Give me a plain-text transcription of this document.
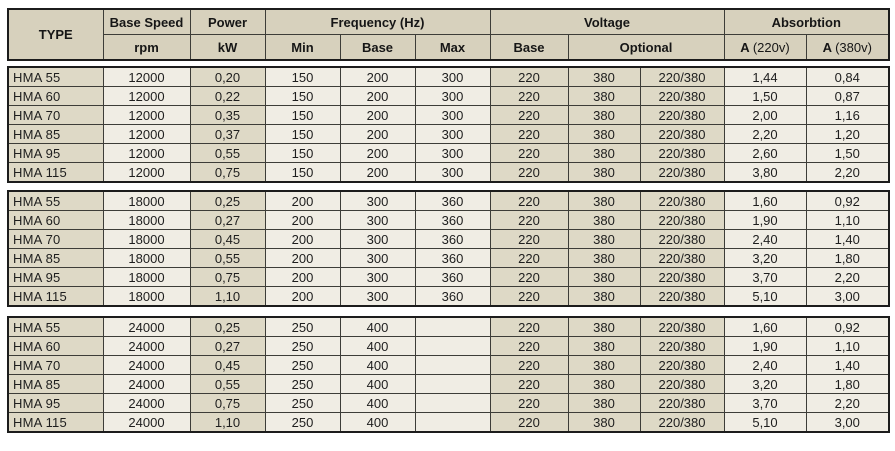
TYPE	Base Speed	Power	Frequency (Hz)			Voltage		Absorbtion	
	rpm	kW	Min	Base	Max	Base	Optional	A (220v)	A (380v)
HMA 55	12000	0,20	150	200	300	220	380	220/380	1,44	0,84
HMA 60	12000	0,22	150	200	300	220	380	220/380	1,50	0,87
HMA 70	12000	0,35	150	200	300	220	380	220/380	2,00	1,16
HMA 85	12000	0,37	150	200	300	220	380	220/380	2,20	1,20
HMA 95	12000	0,55	150	200	300	220	380	220/380	2,60	1,50
HMA 115	12000	0,75	150	200	300	220	380	220/380	3,80	2,20
HMA 55	18000	0,25	200	300	360	220	380	220/380	1,60	0,92
HMA 60	18000	0,27	200	300	360	220	380	220/380	1,90	1,10
HMA 70	18000	0,45	200	300	360	220	380	220/380	2,40	1,40
HMA 85	18000	0,55	200	300	360	220	380	220/380	3,20	1,80
HMA 95	18000	0,75	200	300	360	220	380	220/380	3,70	2,20
HMA 115	18000	1,10	200	300	360	220	380	220/380	5,10	3,00
HMA 55	24000	0,25	250	400		220	380	220/380	1,60	0,92
HMA 60	24000	0,27	250	400		220	380	220/380	1,90	1,10
HMA 70	24000	0,45	250	400		220	380	220/380	2,40	1,40
HMA 85	24000	0,55	250	400		220	380	220/380	3,20	1,80
HMA 95	24000	0,75	250	400		220	380	220/380	3,70	2,20
HMA 115	24000	1,10	250	400		220	380	220/380	5,10	3,00
